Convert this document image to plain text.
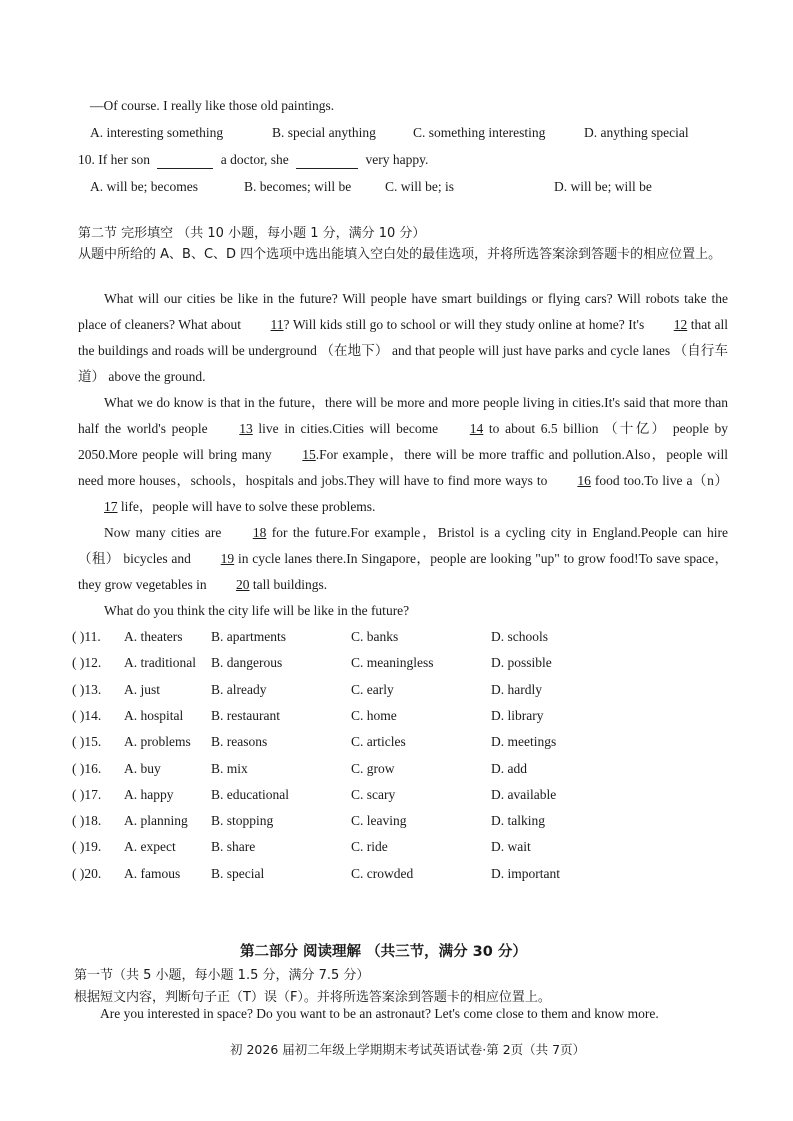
—Of course. I really like those old paintings.
A. interesting something	B. special anything	C. something interesting	D. anything special
10. If her son	a doctor, she	very happy.
A. will be; becomes	B. becomes; will be	C. will be; is	D. will be; will be
第二节 完形填空 （共 10 小题，每小题 1 分，满分 10 分）
从题中所给的 A、B、C、D 四个选项中选出能填入空白处的最佳选项，并将所选答案涂到答题卡的相应位置上。

What will our cities be like in the future? Will people have smart buildings or flying cars? Will robots take the place of cleaners? What about 11? Will kids still go to school or will they study online at home? It's 12 that all the buildings and roads will be underground （在地下） and that people will just have parks and cycle lanes （自行车道） above the ground.

What we do know is that in the future，there will be more and more people living in cities.It's said that more than half the world's people 13 live in cities.Cities will become 14 to about 6.5 billion （十亿） people by 2050.More people will bring many 15.For example，there will be more traffic and pollution.Also，people will need more houses，schools，hospitals and jobs.They will have to find more ways to 16 food too.To live a（n） 17 life，people will have to solve these problems.

Now many cities are 18 for the future.For example，Bristol is a cycling city in England.People can hire （租） bicycles and 19 in cycle lanes there.In Singapore，people are looking "up" to grow food!To save space，they grow vegetables in 20 tall buildings.

What do you think the city life will be like in the future?

( )11. A. theaters B. apartments	C. banks	D. schools
( )12. A. traditional B. dangerous	C. meaningless	D. possible
( )13. A. just	B. already	C. early	D. hardly
( )14. A. hospital B. restaurant	C. home	D. library
( )15. A. problems B. reasons	C. articles	D. meetings
( )16. A. buy	B. mix	C. grow	D. add
( )17. A. happy	B. educational	C. scary	D. available
( )18. A. planning B. stopping	C. leaving	D. talking
( )19. A. expect	B. share	C. ride	D. wait
( )20. A. famous B. special	C. crowded	D. important
第二部分 阅读理解 （共三节，满分 30 分）
第一节（共 5 小题，每小题 1.5 分，满分 7.5 分）
根据短文内容，判断句子正（T）误（F）。并将所选答案涂到答题卡的相应位置上。
Are you interested in space? Do you want to be an astronaut? Let's come close to them and know more.
初 2026 届初二年级上学期期末考试英语试卷·第 2页（共 7页）
